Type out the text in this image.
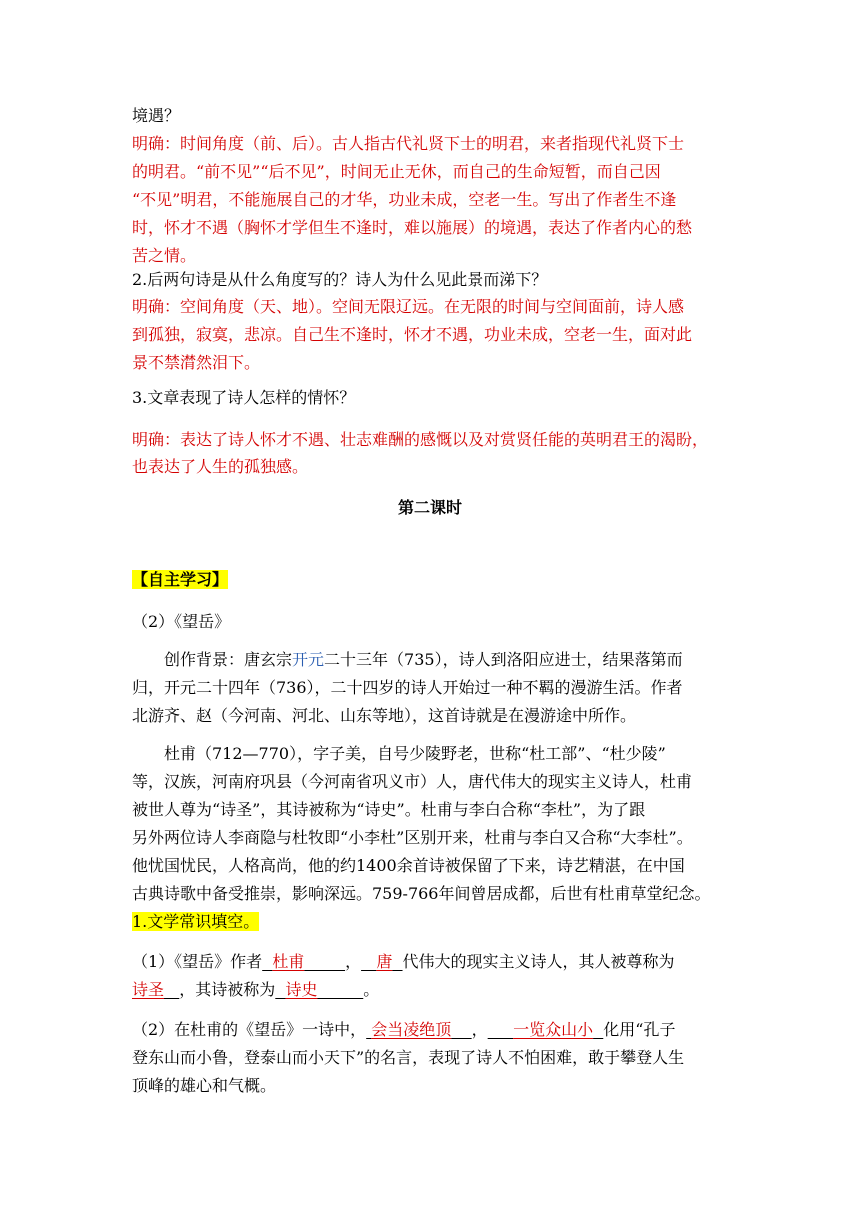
境遇？
明确：时间角度（前、后）。古人指古代礼贤下士的明君，来者指现代礼贤下士
的明君。“前不见”“后不见”，时间无止无休，而自己的生命短暂，而自己因
“不见”明君，不能施展自己的才华，功业未成，空老一生。写出了作者生不逢
时，怀才不遇（胸怀才学但生不逢时，难以施展）的境遇，表达了作者内心的愁
苦之情。
2.后两句诗是从什么角度写的？诗人为什么见此景而涕下？
明确：空间角度（天、地）。空间无限辽远。在无限的时间与空间面前，诗人感
到孤独，寂寞，悲凉。自己生不逢时，怀才不遇，功业未成，空老一生，面对此
景不禁潸然泪下。
3.文章表现了诗人怎样的情怀？
明确：表达了诗人怀才不遇、壮志难酬的感慨以及对赏贤任能的英明君王的渴盼，
也表达了人生的孤独感。
第二课时
【自主学习】
（2）《望岳》
创作背景：唐玄宗开元二十三年（735），诗人到洛阳应进士，结果落第而
归，开元二十四年（736），二十四岁的诗人开始过一种不羁的漫游生活。作者
北游齐、赵（今河南、河北、山东等地），这首诗就是在漫游途中所作。
杜甫（712—770），字子美，自号少陵野老，世称“杜工部”、“杜少陵”
等，汉族，河南府巩县（今河南省巩义市）人，唐代伟大的现实主义诗人，杜甫
被世人尊为“诗圣”，其诗被称为“诗史”。杜甫与李白合称“李杜”，为了跟
另外两位诗人李商隐与杜牧即“小李杜”区别开来，杜甫与李白又合称“大李杜”。
他忧国忧民，人格高尚，他的约1400余首诗被保留了下来，诗艺精湛，在中国
古典诗歌中备受推崇，影响深远。759-766年间曾居成都，后世有杜甫草堂纪念。
1.文学常识填空。
（1）《望岳》作者 杜甫	， 唐 代伟大的现实主义诗人，其人被尊称为
诗圣 ，其诗被称为 诗史	。
（2）在杜甫的《望岳》一诗中， 会当凌绝顶 ， 一览众山小 化用“孔子
登东山而小鲁，登泰山而小天下”的名言，表现了诗人不怕困难，敢于攀登人生
顶峰的雄心和气概。
